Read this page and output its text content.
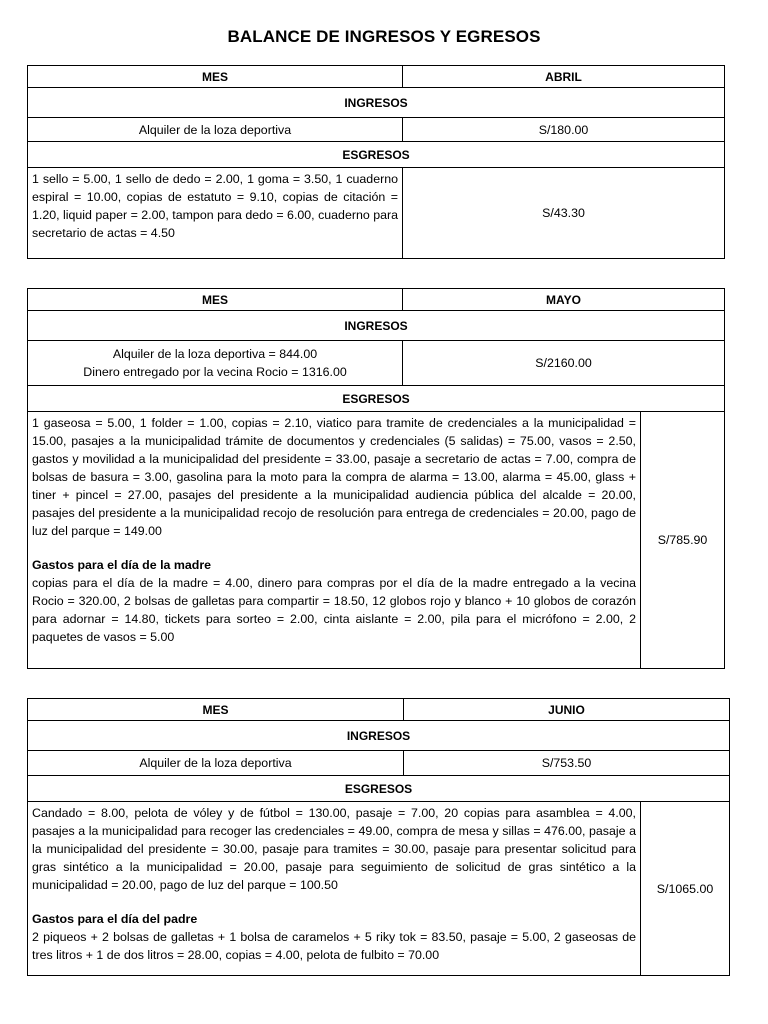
BALANCE DE INGRESOS Y EGRESOS
MES	ABRIL
INGRESOS	

Alquiler de la loza deportiva	S/180.00
ESGRESOS	
1 sello = 5.00, 1 sello de dedo = 2.00, 1 goma = 3.50, 1 cuaderno espiral = 10.00, copias de estatuto = 9.10, copias de citación = 1.20, liquid paper = 2.00, tampon para dedo = 6.00, cuaderno para secretario de actas = 4.50	S/43.30
MES	MAYO	
INGRESOS		

Alquiler de la loza deportiva = 844.00
Dinero entregado por la vecina Rocio = 1316.00	S/2160.00	
ESGRESOS		
1 gaseosa = 5.00, 1 folder = 1.00, copias = 2.10, viatico para tramite de credenciales a la municipalidad = 15.00, pasajes a la municipalidad trámite de documentos y credenciales (5 salidas) = 75.00, vasos = 2.50, gastos y movilidad a la municipalidad del presidente = 33.00, pasaje a secretario de actas = 7.00, compra de bolsas de basura = 3.00, gasolina para la moto para la compra de alarma = 13.00, alarma = 45.00, glass + tiner + pincel = 27.00, pasajes del presidente a la municipalidad audiencia pública del alcalde = 20.00, pasajes del presidente a la municipalidad recojo de resolución para entrega de credenciales = 20.00, pago de luz del parque = 149.00
Gastos para el día de la madre
copias para el día de la madre = 4.00, dinero para compras por el día de la madre entregado a la vecina Rocio = 320.00, 2 bolsas de galletas para compartir = 18.50, 12 globos rojo y blanco + 10 globos de corazón para adornar = 14.80, tickets para sorteo = 2.00, cinta aislante = 2.00, pila para el micrófono = 2.00, 2 paquetes de vasos = 5.00		S/785.90
MES	JUNIO	
INGRESOS		

Alquiler de la loza deportiva	S/753.50	
ESGRESOS		
Candado = 8.00, pelota de vóley y de fútbol = 130.00, pasaje = 7.00, 20 copias para asamblea = 4.00, pasajes a la municipalidad para recoger las credenciales = 49.00, compra de mesa y sillas = 476.00, pasaje a la municipalidad del presidente = 30.00, pasaje para tramites = 30.00, pasaje para presentar solicitud para gras sintético a la municipalidad = 20.00, pasaje para seguimiento de solicitud de gras sintético a la municipalidad = 20.00, pago de luz del parque = 100.50
Gastos para el día del padre
2 piqueos + 2 bolsas de galletas + 1 bolsa de caramelos + 5 riky tok = 83.50, pasaje = 5.00, 2 gaseosas de tres litros + 1 de dos litros = 28.00, copias = 4.00, pelota de fulbito = 70.00		S/1065.00
